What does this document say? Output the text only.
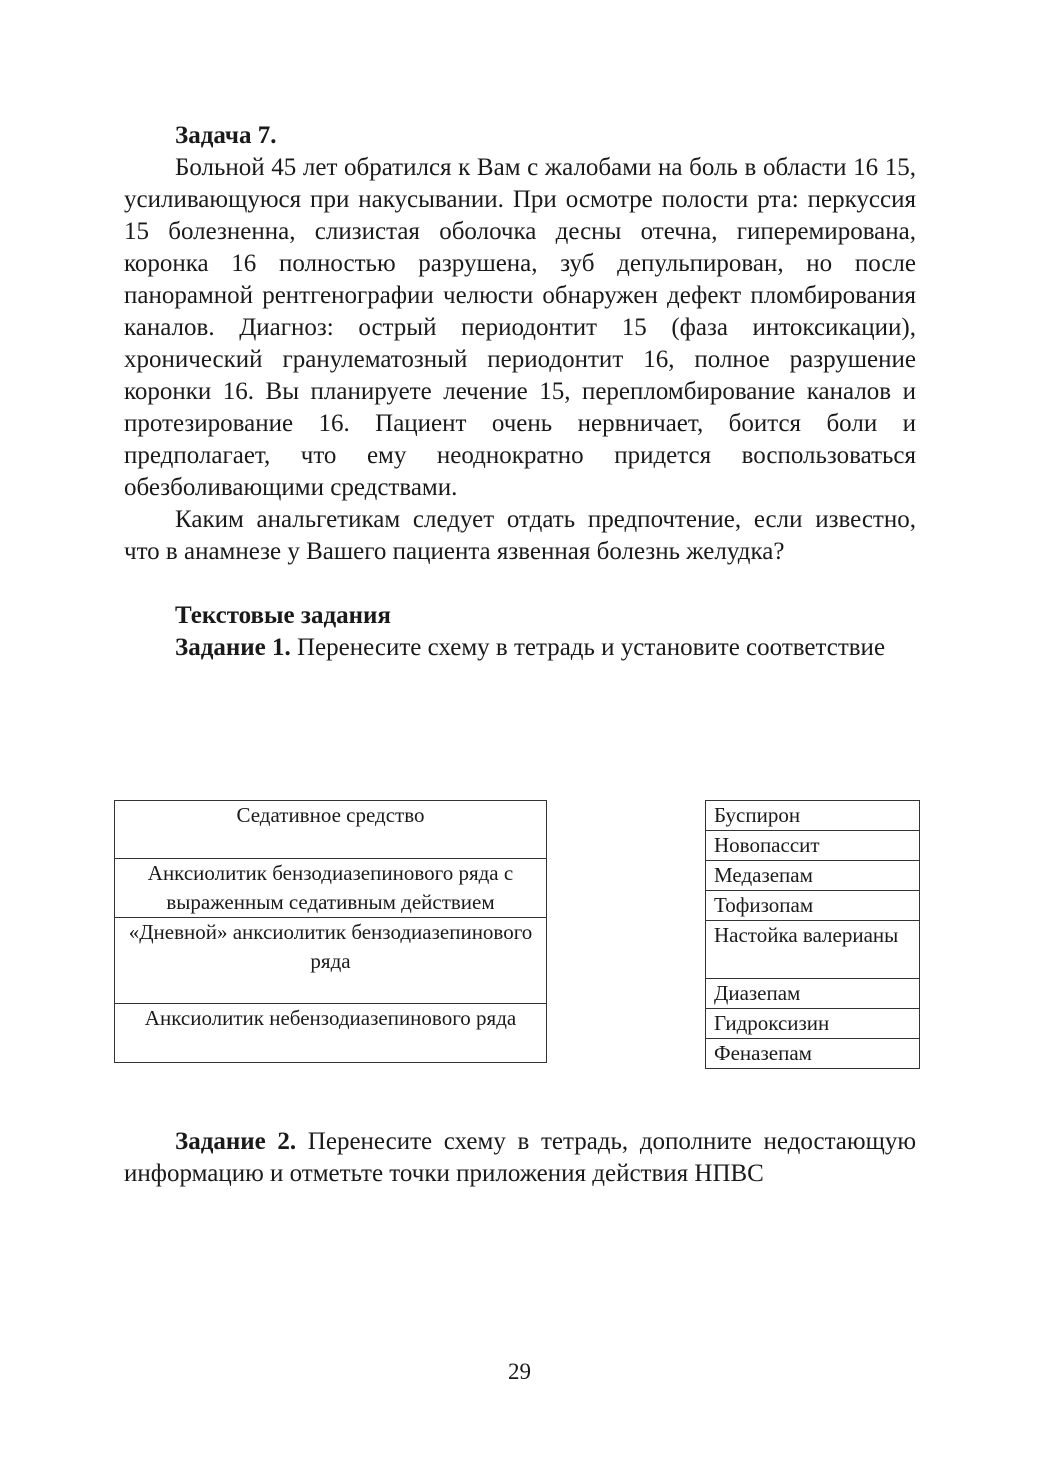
Задача 7.

Больной 45 лет обратился к Вам с жалобами на боль в области 16 15, усиливающуюся при накусывании. При осмотре полости рта: перкуссия 15 болезненна, слизистая оболочка десны отечна, гиперемирована, коронка 16 полностью разрушена, зуб депульпирован, но после панорамной рентгенографии челюсти обнаружен дефект пломбирования каналов. Диагноз: острый периодонтит 15 (фаза интоксикации), хронический гранулематозный периодонтит 16, полное разрушение коронки 16. Вы планируете лечение 15, перепломбирование каналов и протезирование 16. Пациент очень нервничает, боится боли и предполагает, что ему неоднократно придется воспользоваться обезболивающими средствами.

Каким анальгетикам следует отдать предпочтение, если известно, что в анамнезе у Вашего пациента язвенная болезнь желудка?

Текстовые задания

Задание 1. Перенесите схему в тетрадь и установите соответствие

Седативное средство
Анксиолитик бензодиазепинового ряда с выраженным седативным действием
«Дневной» анксиолитик бензодиазепинового ряда
Анксиолитик небензодиазепинового ряда
Буспирон
Новопассит
Медазепам
Тофизопам
Настойка валерианы
Диазепам
Гидроксизин
Феназепам

Задание 2. Перенесите схему в тетрадь, дополните недостающую информацию и отметьте точки приложения действия НПВС

29
